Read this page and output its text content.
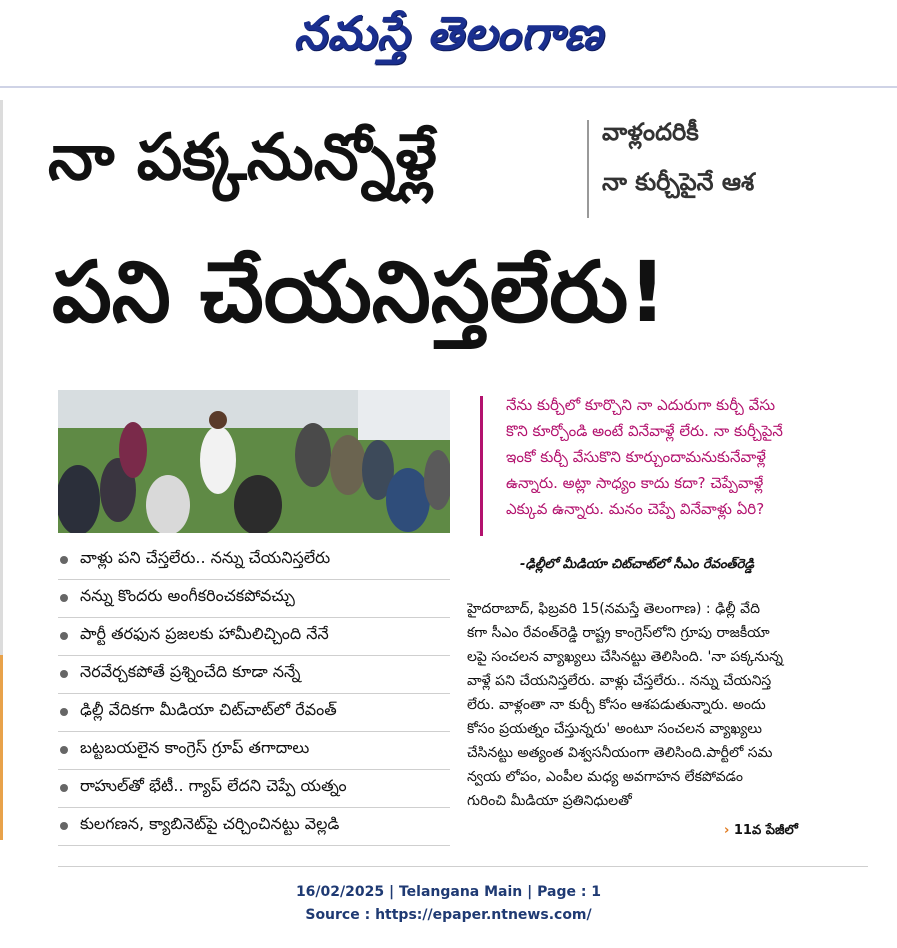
నమస్తే తెలంగాణ
నా పక్కనున్నోళ్లే	వాళ్లందరికీ
నా కుర్చీపైనే ఆశ
పని చేయనిస్తలేరు!
నేను కుర్చీలో కూర్చొని నా ఎదురుగా కుర్చీ వేసు
కొని కూర్చోండి అంటే వినేవాళ్లే లేరు. నా కుర్చీపైనే
ఇంకో కుర్చీ వేసుకొని కూర్చుందామనుకునేవాళ్లే
ఉన్నారు. అట్లా సాధ్యం కాదు కదా? చెప్పేవాళ్లే
ఎక్కువ ఉన్నారు. మనం చెప్పే వినేవాళ్లు ఏరి?
-ఢిల్లీలో మీడియా చిట్‌చాట్‌లో సీఎం రేవంత్‌రెడ్డి
వాళ్లు పని చేస్తలేరు.. నన్ను చేయనిస్తలేరు
నన్ను కొందరు అంగీకరించకపోవచ్చు
పార్టీ తరఫున ప్రజలకు హామీలిచ్చింది నేనే
నెరవేర్చకపోతే ప్రశ్నించేది కూడా నన్నే
ఢిల్లీ వేదికగా మీడియా చిట్‌చాట్‌లో రేవంత్
బట్టబయలైన కాంగ్రెస్ గ్రూప్ తగాదాలు
రాహుల్‌తో భేటీ.. గ్యాప్ లేదని చెప్పే యత్నం
కులగణన, క్యాబినెట్‌పై చర్చించినట్టు వెల్లడి
హైదరాబాద్, ఫిబ్రవరి 15(నమస్తే తెలంగాణ) : ఢిల్లీ వేది
కగా సీఎం రేవంత్‌రెడ్డి రాష్ట్ర కాంగ్రెస్‌లోని గ్రూపు రాజకీయా
లపై సంచలన వ్యాఖ్యలు చేసినట్టు తెలిసింది. 'నా పక్కనున్న
వాళ్లే పని చేయనిస్తలేరు. వాళ్లు చేస్తలేరు.. నన్ను చేయనిస్త
లేరు. వాళ్లంతా నా కుర్చీ కోసం ఆశపడుతున్నారు. అందు
కోసం ప్రయత్నం చేస్తున్నరు' అంటూ సంచలన వ్యాఖ్యలు
చేసినట్టు అత్యంత విశ్వసనీయంగా తెలిసింది.పార్టీలో సమ
న్వయ లోపం, ఎంపీల మధ్య అవగాహన లేకపోవడం
గురించి మీడియా ప్రతినిధులతో
› 11వ పేజీలో
16/02/2025 | Telangana Main | Page : 1
Source : https://epaper.ntnews.com/
